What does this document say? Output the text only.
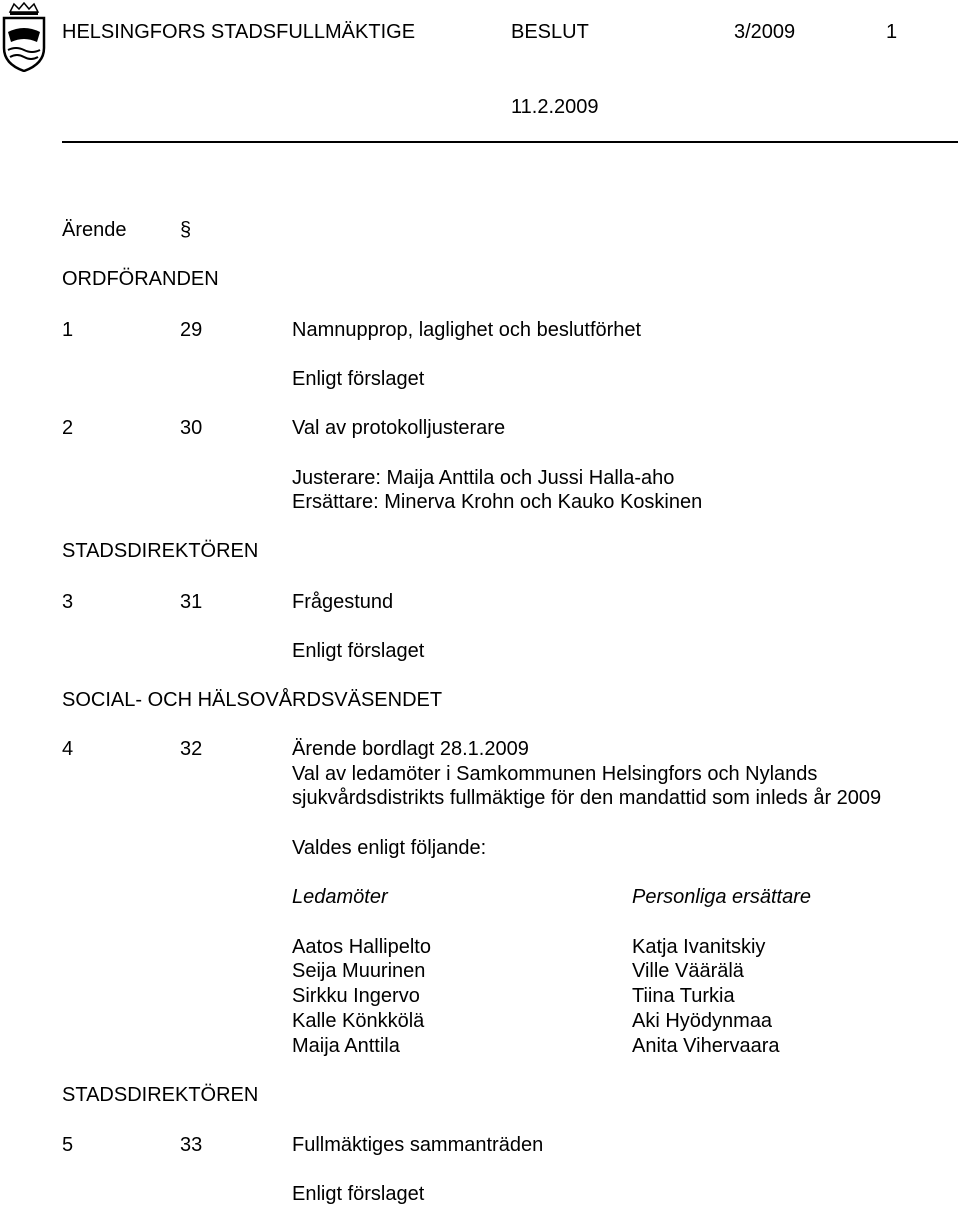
HELSINGFORS STADSFULLMÄKTIGE	BESLUT	3/2009	1
11.2.2009
Ärende	§
ORDFÖRANDEN
1	29	Namnupprop, laglighet och beslutförhet
Enligt förslaget
2	30	Val av protokolljusterare
Justerare: Maija Anttila och Jussi Halla-aho
Ersättare: Minerva Krohn och Kauko Koskinen
STADSDIREKTÖREN
3	31	Frågestund
Enligt förslaget
SOCIAL- OCH HÄLSOVÅRDSVÄSENDET
4	32	Ärende bordlagt 28.1.2009
Val av ledamöter i Samkommunen Helsingfors och Nylands
sjukvårdsdistrikts fullmäktige för den mandattid som inleds år 2009
Valdes enligt följande:
Ledamöter	Personliga ersättare
Aatos Hallipelto	Katja Ivanitskiy
Seija Muurinen	Ville Väärälä
Sirkku Ingervo	Tiina Turkia
Kalle Könkkölä	Aki Hyödynmaa
Maija Anttila	Anita Vihervaara
STADSDIREKTÖREN
5	33	Fullmäktiges sammanträden
Enligt förslaget
